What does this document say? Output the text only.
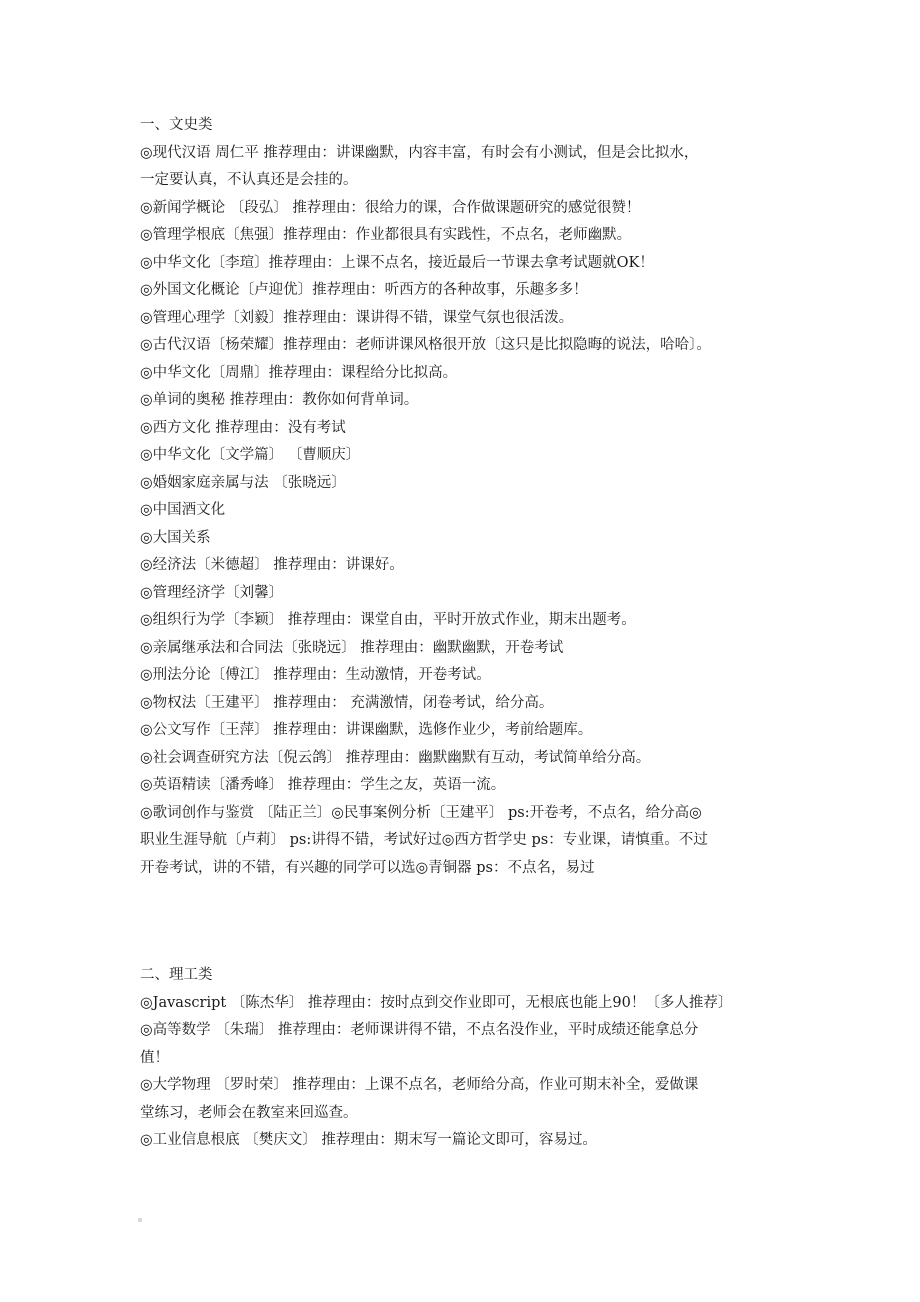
一、文史类

◎现代汉语 周仁平 推荐理由：讲课幽默，内容丰富，有时会有小测试，但是会比拟水，

一定要认真，不认真还是会挂的。

◎新闻学概论 〔段弘〕 推荐理由：很给力的课，合作做课题研究的感觉很赞！

◎管理学根底〔焦强〕推荐理由：作业都很具有实践性，不点名，老师幽默。

◎中华文化〔李瑄〕推荐理由：上课不点名，接近最后一节课去拿考试题就OK！

◎外国文化概论〔卢迎优〕推荐理由：听西方的各种故事，乐趣多多！

◎管理心理学〔刘毅〕推荐理由：课讲得不错，课堂气氛也很活泼。

◎古代汉语〔杨荣耀〕推荐理由：老师讲课风格很开放〔这只是比拟隐晦的说法，哈哈〕。

◎中华文化〔周鼎〕推荐理由：课程给分比拟高。

◎单词的奥秘 推荐理由：教你如何背单词。

◎西方文化 推荐理由：没有考试

◎中华文化〔文学篇〕 〔曹顺庆〕

◎婚姻家庭亲属与法 〔张晓远〕

◎中国酒文化

◎大国关系

◎经济法〔米德超〕 推荐理由：讲课好。

◎管理经济学〔刘馨〕

◎组织行为学〔李颖〕 推荐理由：课堂自由，平时开放式作业，期末出题考。

◎亲属继承法和合同法〔张晓远〕 推荐理由：幽默幽默，开卷考试

◎刑法分论〔傅江〕 推荐理由：生动激情，开卷考试。

◎物权法〔王建平〕 推荐理由： 充满激情，闭卷考试，给分高。

◎公文写作〔王萍〕 推荐理由：讲课幽默，选修作业少，考前给题库。

◎社会调查研究方法〔倪云鸽〕 推荐理由：幽默幽默有互动，考试简单给分高。

◎英语精读〔潘秀峰〕 推荐理由：学生之友，英语一流。

◎歌词创作与鉴赏 〔陆正兰〕◎民事案例分析〔王建平〕 ps:开卷考，不点名，给分高◎

职业生涯导航〔卢莉〕 ps:讲得不错，考试好过◎西方哲学史 ps：专业课，请慎重。不过

开卷考试，讲的不错，有兴趣的同学可以选◎青铜器 ps：不点名，易过

二、理工类

◎Javascript 〔陈杰华〕 推荐理由：按时点到交作业即可，无根底也能上90！〔多人推荐〕

◎高等数学 〔朱瑞〕 推荐理由：老师课讲得不错，不点名没作业，平时成绩还能拿总分

值！

◎大学物理 〔罗时荣〕 推荐理由：上课不点名，老师给分高，作业可期末补全，爱做课

堂练习，老师会在教室来回巡查。

◎工业信息根底 〔樊庆文〕 推荐理由：期末写一篇论文即可，容易过。
